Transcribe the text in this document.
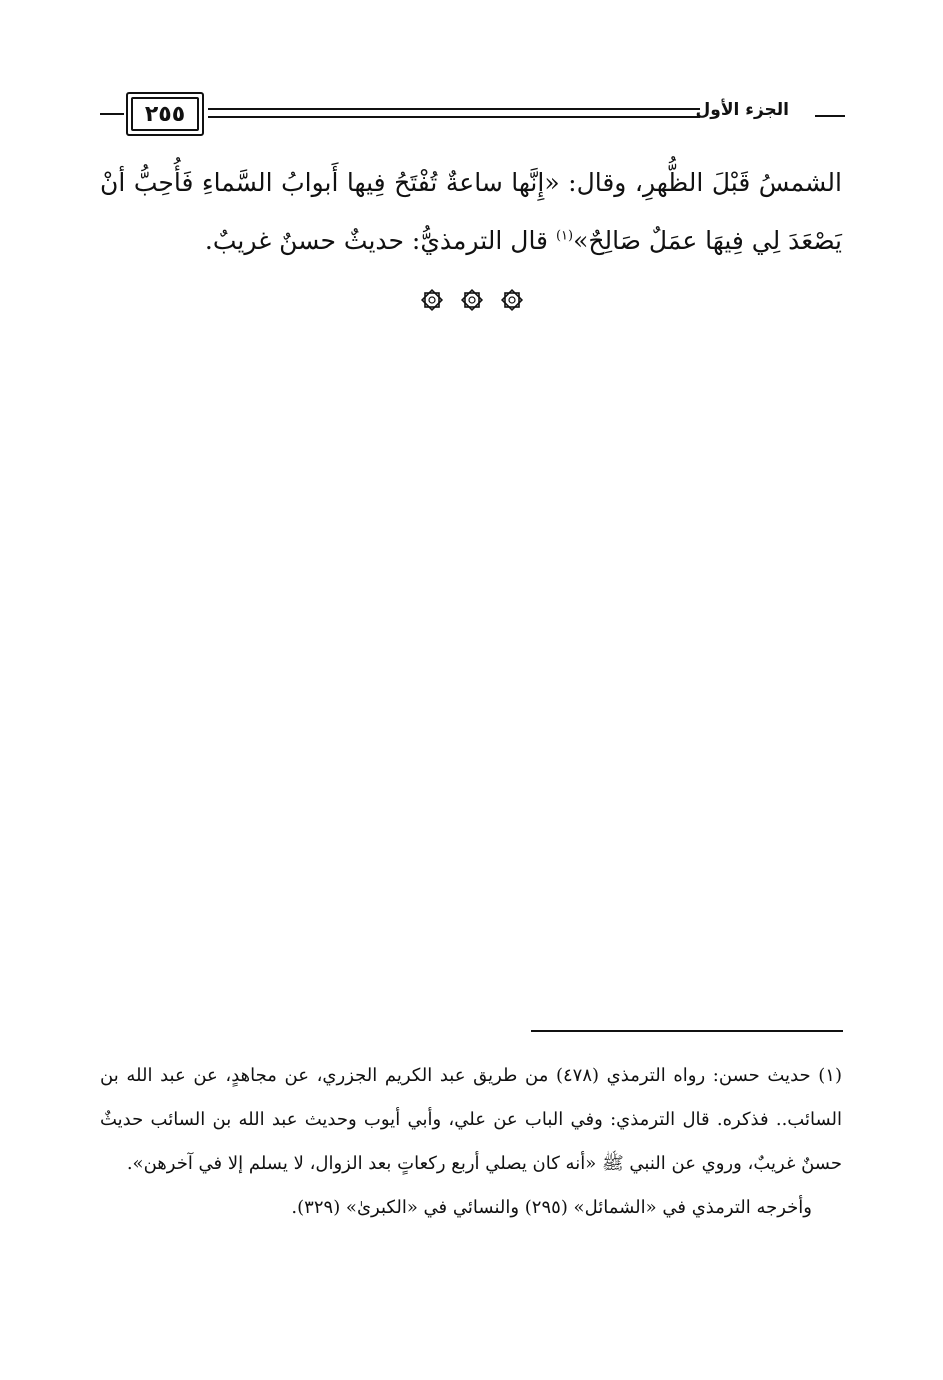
٢٥٥	الجزء الأول

الشمسُ قَبْلَ الظُّهرِ، وقال: «إِنَّها ساعةٌ تُفْتَحُ فِيها أَبوابُ السَّماءِ فَأُحِبُّ أنْ يَصْعَدَ لِي فِيهَا عمَلٌ صَالِحٌ»$^{(١)}$ قال الترمذيُّ: حديثٌ حسنٌ غريبٌ.

(١) حديث حسن: رواه الترمذي (٤٧٨) من طريق عبد الكريم الجزري، عن مجاهدٍ، عن عبد الله بن السائب.. فذكره. قال الترمذي: وفي الباب عن علي، وأبي أيوب وحديث عبد الله بن السائب حديثٌ حسنٌ غريبٌ، وروي عن النبي ﷺ «أنه كان يصلي أربع ركعاتٍ بعد الزوال، لا يسلم إلا في آخرهن».

وأخرجه الترمذي في «الشمائل» (٢٩٥) والنسائي في «الكبرىٰ» (٣٢٩).
